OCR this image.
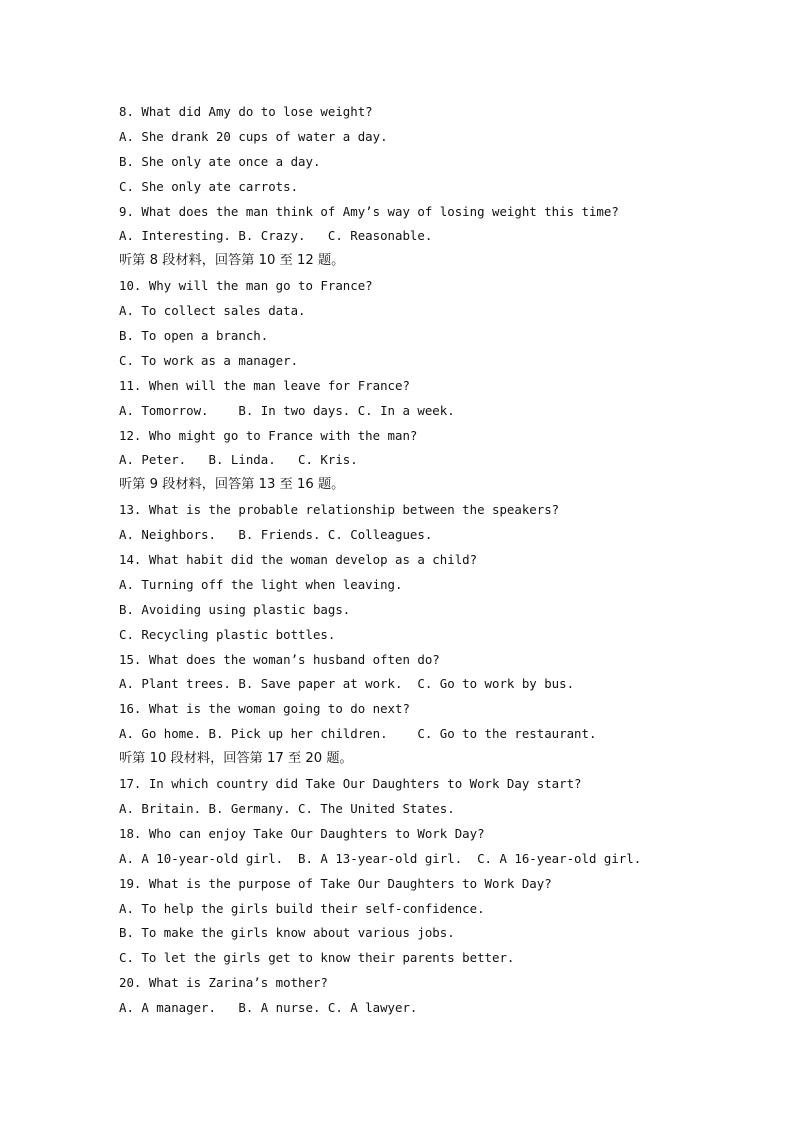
8. What did Amy do to lose weight?
A. She drank 20 cups of water a day.
B. She only ate once a day.
C. She only ate carrots.
9. What does the man think of Amy’s way of losing weight this time?
A. Interesting. B. Crazy.   C. Reasonable.
听第 8 段材料，回答第 10 至 12 题。
10. Why will the man go to France?
A. To collect sales data.
B. To open a branch.
C. To work as a manager.
11. When will the man leave for France?
A. Tomorrow.    B. In two days. C. In a week.
12. Who might go to France with the man?
A. Peter.   B. Linda.   C. Kris.
听第 9 段材料，回答第 13 至 16 题。
13. What is the probable relationship between the speakers?
A. Neighbors.   B. Friends. C. Colleagues.
14. What habit did the woman develop as a child?
A. Turning off the light when leaving.
B. Avoiding using plastic bags.
C. Recycling plastic bottles.
15. What does the woman’s husband often do?
A. Plant trees. B. Save paper at work.  C. Go to work by bus.
16. What is the woman going to do next?
A. Go home. B. Pick up her children.    C. Go to the restaurant.
听第 10 段材料，回答第 17 至 20 题。
17. In which country did Take Our Daughters to Work Day start?
A. Britain. B. Germany. C. The United States.
18. Who can enjoy Take Our Daughters to Work Day?
A. A 10-year-old girl.  B. A 13-year-old girl.  C. A 16-year-old girl.
19. What is the purpose of Take Our Daughters to Work Day?
A. To help the girls build their self-confidence.
B. To make the girls know about various jobs.
C. To let the girls get to know their parents better.
20. What is Zarina’s mother?
A. A manager.   B. A nurse. C. A lawyer.
